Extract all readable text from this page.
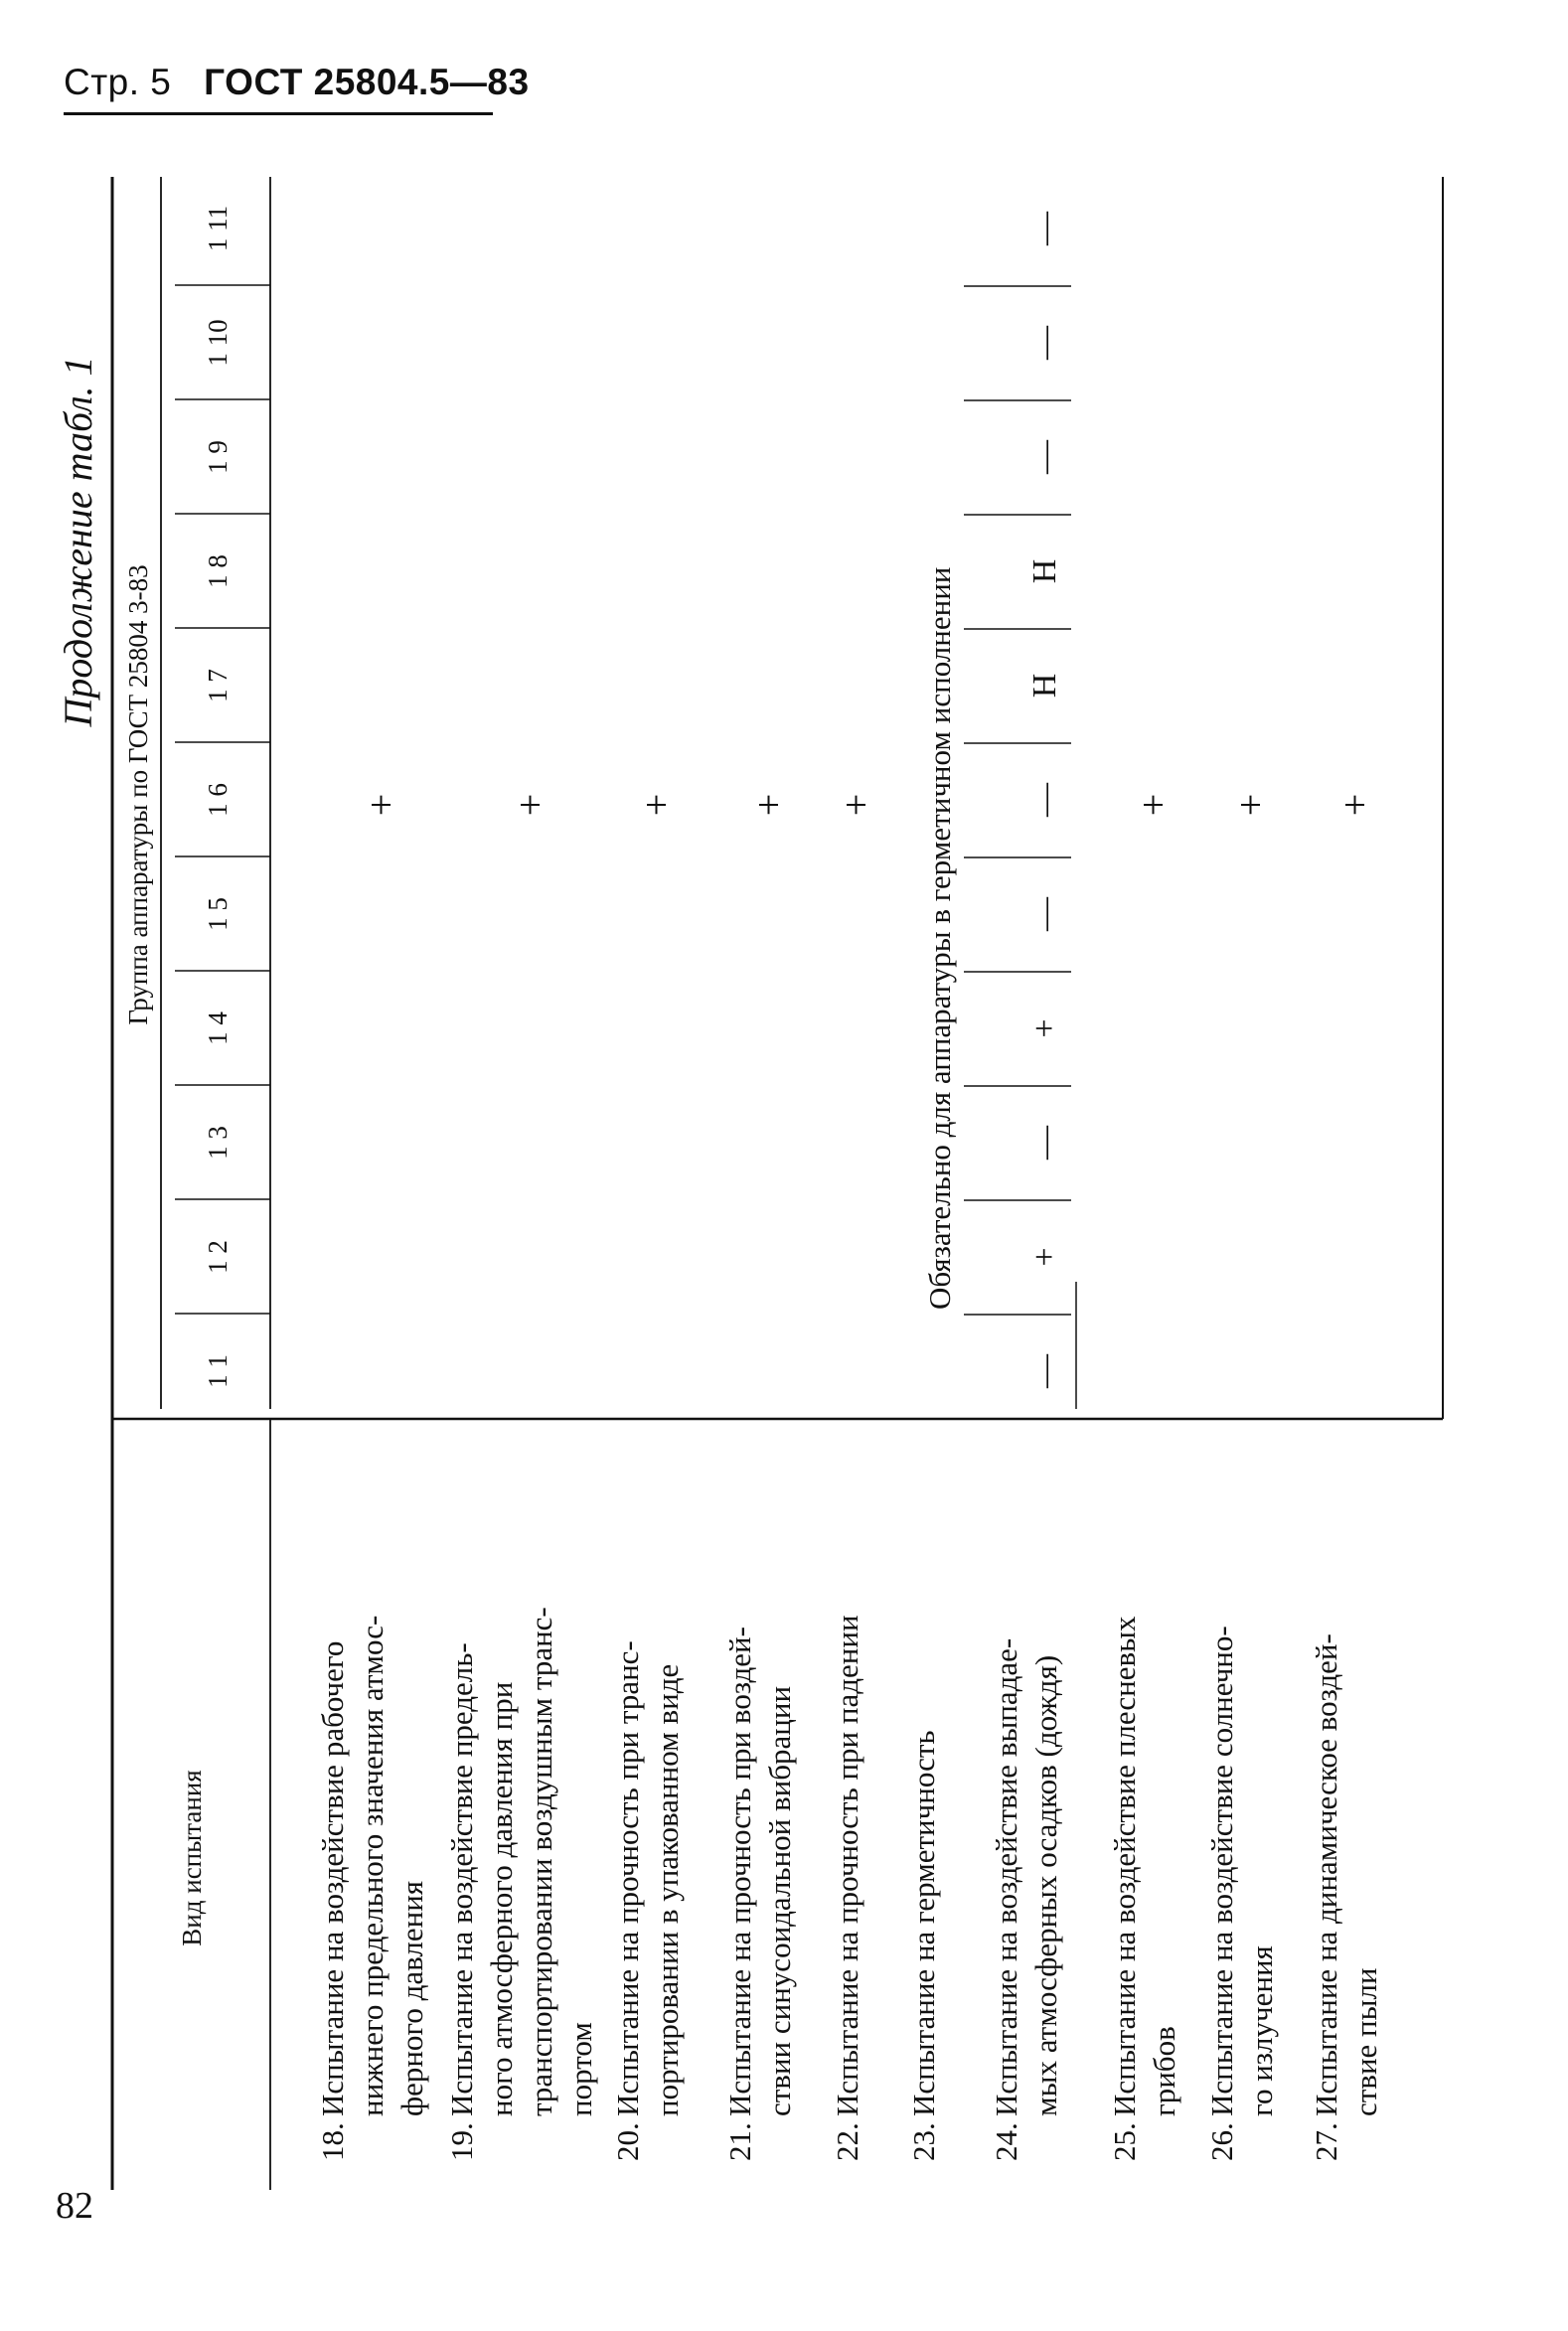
Стр. 5 ГОСТ 25804.5—83
82
Продолжение табл. 1
Вид испытания
Группа аппаратуры по ГОСТ 25804 3-83
1 1
1 2
1 3
1 4
1 5
1 6
1 7
1 8
1 9
1 10
1 11
18.
Испытание на воздействие рабочего нижнего предельного значения атмос- ферного давления
+
19.
Испытание на воздействие предель- ного атмосферного давления при транспортировании воздушным транс- портом
+
20.
Испытание на прочность при транс- портировании в упакованном виде
+
21.
Испытание на прочность при воздей- ствии синусоидальной вибрации
+
22.
Испытание на прочность при падении
+
23.
Испытание на герметичность
24.
Испытание на воздействие выпадае- мых атмосферных осадков (дождя)
25.
Испытание на воздействие плесневых грибов
+
26.
Испытание на воздействие солнечно- го излучения
+
27.
Испытание на динамическое воздей- ствие пыли
+
Обязательно для аппаратуры в герметичном исполнении
—
+
—
+
—
—
Н
Н
—
—
—
